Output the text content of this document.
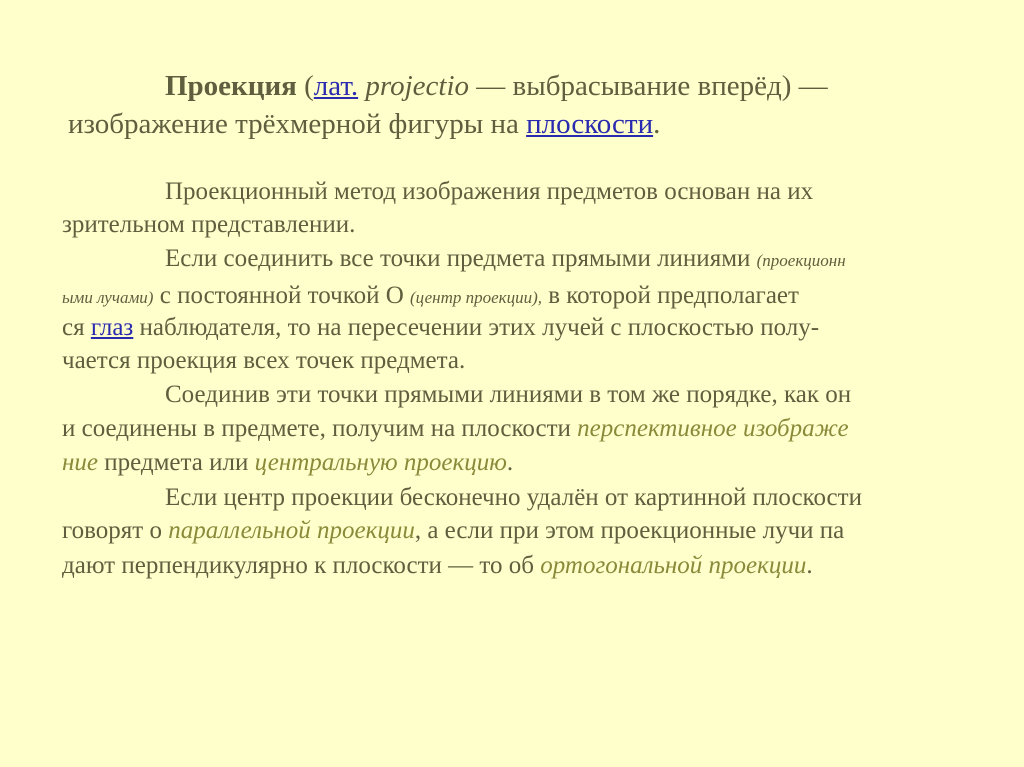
Проекция (лат. projectio — выбрасывание вперёд) —
изображение трёхмерной фигуры на плоскости.
Проекционный метод изображения предметов основан на их
зрительном представлении.
Если соединить все точки предмета прямыми линиями (проекционн
ыми лучами) с постоянной точкой О (центр проекции), в которой предполагает
ся глаз наблюдателя, то на пересечении этих лучей с плоскостью полу-
чается проекция всех точек предмета.
Соединив эти точки прямыми линиями в том же порядке, как он
и соединены в предмете, получим на плоскости перспективное изображе
ние предмета или центральную проекцию.
Если центр проекции бесконечно удалён от картинной плоскости
говорят о параллельной проекции, а если при этом проекционные лучи па
дают перпендикулярно к плоскости — то об ортогональной проекции.
